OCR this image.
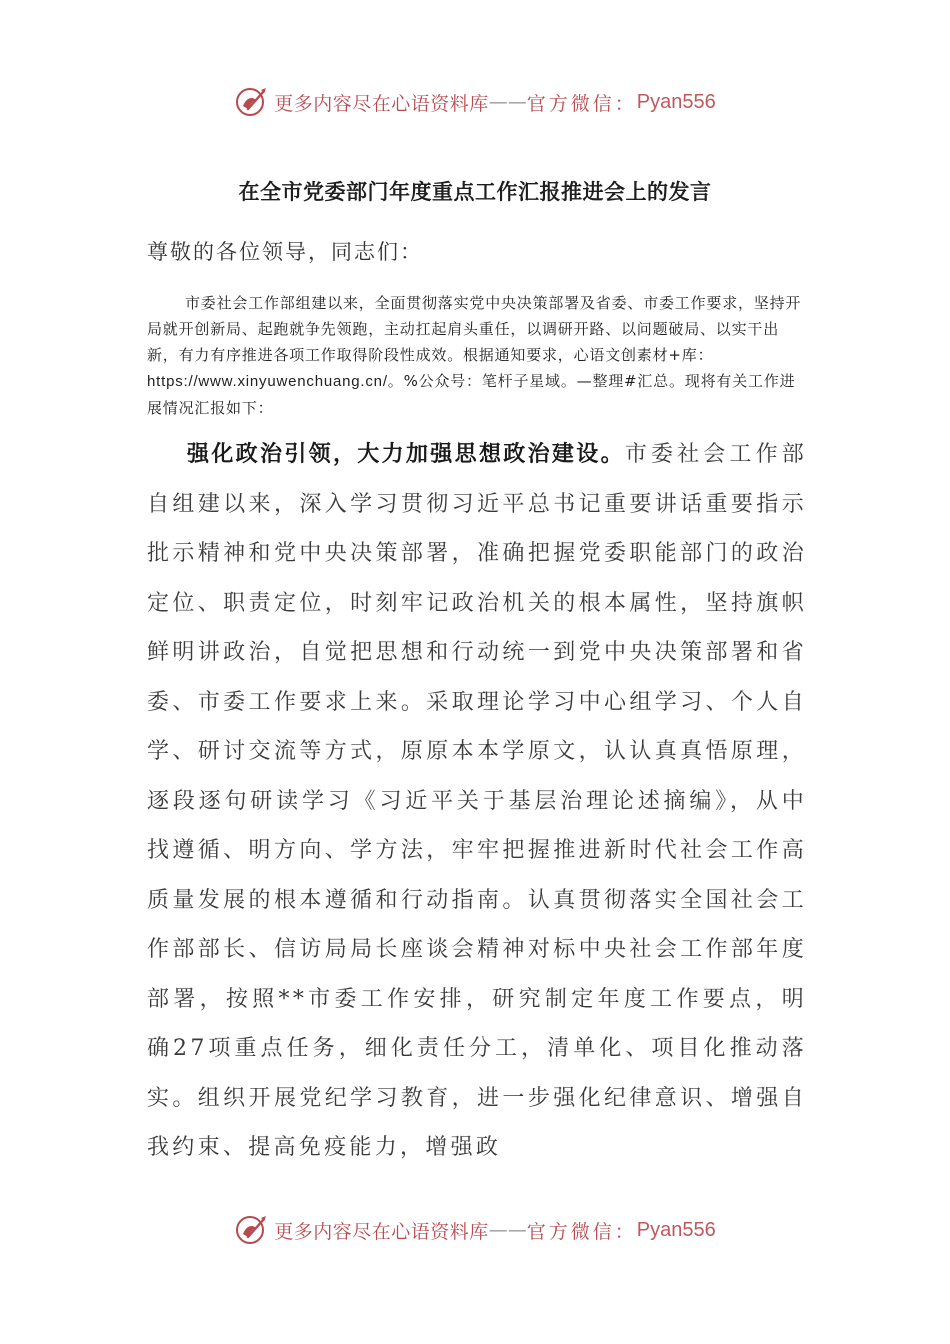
更多内容尽在心语资料库 —— 官方微信： Pyan556
在全市党委部门年度重点工作汇报推进会上的发言

尊敬的各位领导，同志们：

市委社会工作部组建以来，全面贯彻落实党中央决策部署及省委、市委工作要求，坚持开局就开创新局、起跑就争先领跑，主动扛起肩头重任，以调研开路、以问题破局、以实干出新，有力有序推进各项工作取得阶段性成效。根据通知要求，心语文创素材+库：https://www.xinyuwenchuang.cn/。%公众号：笔杆子星域。—整理#汇总。现将有关工作进展情况汇报如下：

强化政治引领，大力加强思想政治建设。市委社会工作部自组建以来，深入学习贯彻习近平总书记重要讲话重要指示批示精神和党中央决策部署，准确把握党委职能部门的政治定位、职责定位，时刻牢记政治机关的根本属性，坚持旗帜鲜明讲政治，自觉把思想和行动统一到党中央决策部署和省委、市委工作要求上来。采取理论学习中心组学习、个人自学、研讨交流等方式，原原本本学原文，认认真真悟原理，逐段逐句研读学习《习近平关于基层治理论述摘编》，从中找遵循、明方向、学方法，牢牢把握推进新时代社会工作高质量发展的根本遵循和行动指南。认真贯彻落实全国社会工作部部长、信访局局长座谈会精神对标中央社会工作部年度部署，按照**市委工作安排，研究制定年度工作要点，明确27项重点任务，细化责任分工，清单化、项目化推动落实。组织开展党纪学习教育，进一步强化纪律意识、增强自我约束、提高免疫能力，增强政

更多内容尽在心语资料库 —— 官方微信： Pyan556
